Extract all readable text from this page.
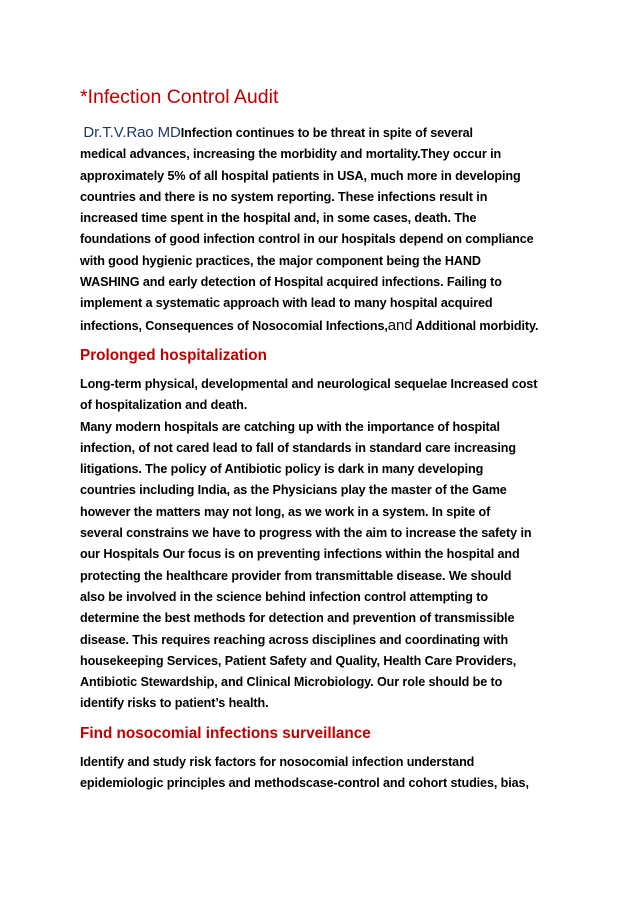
*Infection Control Audit

Dr.T.V.Rao MDInfection continues to be threat in spite of several
medical advances, increasing the morbidity and mortality.They occur in
approximately 5% of all hospital patients in USA, much more in developing
countries and there is no system reporting. These infections result in
increased time spent in the hospital and, in some cases, death. The
foundations of good infection control in our hospitals depend on compliance
with good hygienic practices, the major component being the HAND
WASHING and early detection of Hospital acquired infections. Failing to
implement a systematic approach with lead to many hospital acquired
infections, Consequences of Nosocomial Infections,and Additional morbidity.

Prolonged hospitalization

Long-term physical, developmental and neurological sequelae Increased cost
of hospitalization and death.
Many modern hospitals are catching up with the importance of hospital
infection, of not cared lead to fall of standards in standard care increasing
litigations. The policy of Antibiotic policy is dark in many developing
countries including India, as the Physicians play the master of the Game
however the matters may not long, as we work in a system. In spite of
several constrains we have to progress with the aim to increase the safety in
our Hospitals Our focus is on preventing infections within the hospital and
protecting the healthcare provider from transmittable disease. We should
also be involved in the science behind infection control attempting to
determine the best methods for detection and prevention of transmissible
disease. This requires reaching across disciplines and coordinating with
housekeeping Services, Patient Safety and Quality, Health Care Providers,
Antibiotic Stewardship, and Clinical Microbiology. Our role should be to
identify risks to patient’s health.

Find nosocomial infections surveillance

Identify and study risk factors for nosocomial infection understand
epidemiologic principles and methodscase-control and cohort studies, bias,
